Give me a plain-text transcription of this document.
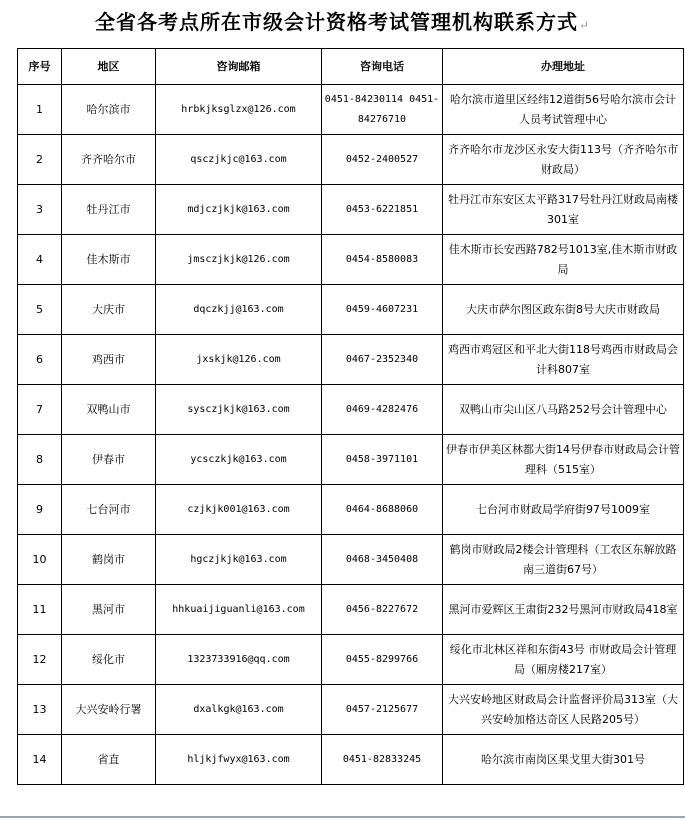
全省各考点所在市级会计资格考试管理机构联系方式↵
序号	地区	咨询邮箱	咨询电话	办理地址
1	哈尔滨市	hrbkjksglzx@126.com	0451-84230114 0451-84276710	哈尔滨市道里区经纬12道街56号哈尔滨市会计人员考试管理中心
2	齐齐哈尔市	qsczjkjc@163.com	0452-2400527	齐齐哈尔市龙沙区永安大街113号（齐齐哈尔市财政局）
3	牡丹江市	mdjczjkjk@163.com	0453-6221851	牡丹江市东安区太平路317号牡丹江财政局南楼301室
4	佳木斯市	jmsczjkjk@126.com	0454-8580083	佳木斯市长安西路782号1013室,佳木斯市财政局
5	大庆市	dqczkjj@163.com	0459-4607231	大庆市萨尔图区政东街8号大庆市财政局
6	鸡西市	jxskjk@126.com	0467-2352340	鸡西市鸡冠区和平北大街118号鸡西市财政局会计科807室
7	双鸭山市	sysczjkjk@163.com	0469-4282476	双鸭山市尖山区八马路252号会计管理中心
8	伊春市	ycsczkjk@163.com	0458-3971101	伊春市伊美区林都大街14号伊春市财政局会计管理科（515室）
9	七台河市	czjkjk001@163.com	0464-8688060	七台河市财政局学府街97号1009室
10	鹤岗市	hgczjkjk@163.com	0468-3450408	鹤岗市财政局2楼会计管理科（工农区东解放路南三道街67号）
11	黑河市	hhkuaijiguanli@163.com	0456-8227672	黑河市爱辉区王肃街232号黑河市财政局418室
12	绥化市	1323733916@qq.com	0455-8299766	绥化市北林区祥和东街43号 市财政局会计管理局（厢房楼217室）
13	大兴安岭行署	dxalkgk@163.com	0457-2125677	大兴安岭地区财政局会计监督评价局313室（大兴安岭加格达奇区人民路205号）
14	省直	hljkjfwyx@163.com	0451-82833245	哈尔滨市南岗区果戈里大街301号
